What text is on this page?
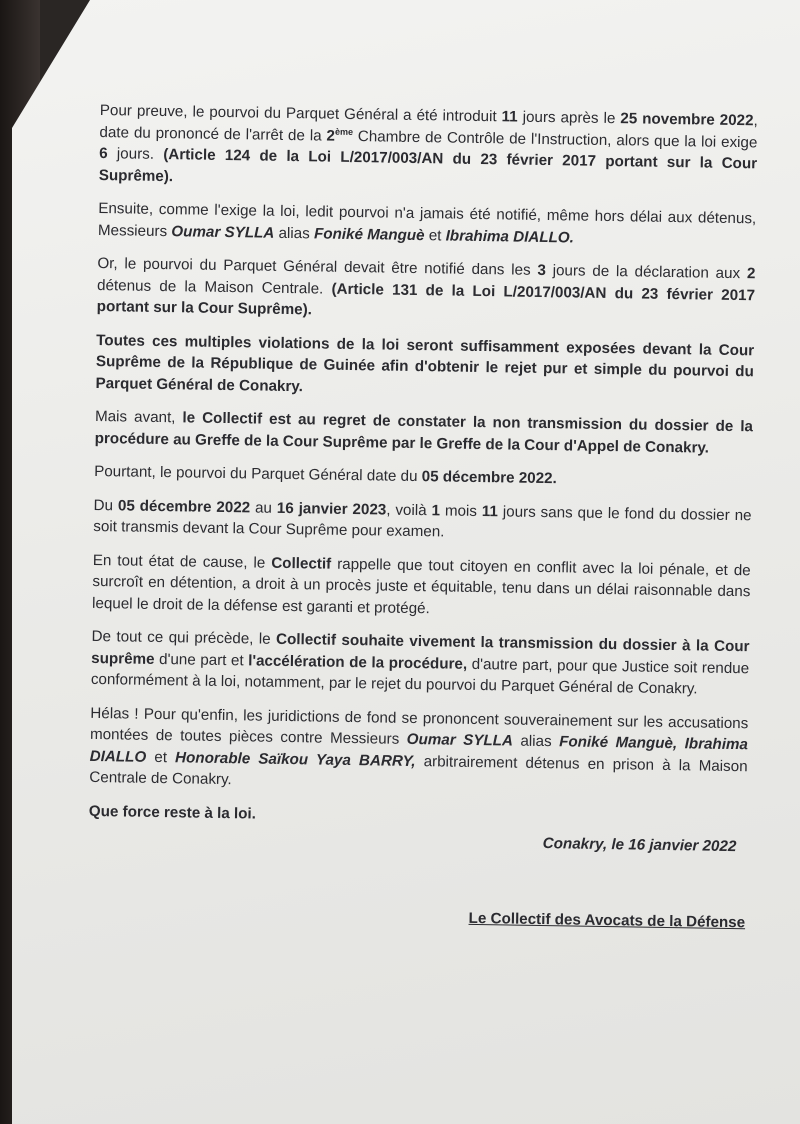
Pour preuve, le pourvoi du Parquet Général a été introduit 11 jours après le 25 novembre 2022, date du prononcé de l'arrêt de la 2ème Chambre de Contrôle de l'Instruction, alors que la loi exige 6 jours. (Article 124 de la Loi L/2017/003/AN du 23 février 2017 portant sur la Cour Suprême).

Ensuite, comme l'exige la loi, ledit pourvoi n'a jamais été notifié, même hors délai aux détenus, Messieurs Oumar SYLLA alias Foniké Manguè et Ibrahima DIALLO.

Or, le pourvoi du Parquet Général devait être notifié dans les 3 jours de la déclaration aux 2 détenus de la Maison Centrale. (Article 131 de la Loi L/2017/003/AN du 23 février 2017 portant sur la Cour Suprême).

Toutes ces multiples violations de la loi seront suffisamment exposées devant la Cour Suprême de la République de Guinée afin d'obtenir le rejet pur et simple du pourvoi du Parquet Général de Conakry.

Mais avant, le Collectif est au regret de constater la non transmission du dossier de la procédure au Greffe de la Cour Suprême par le Greffe de la Cour d'Appel de Conakry.

Pourtant, le pourvoi du Parquet Général date du 05 décembre 2022.

Du 05 décembre 2022 au 16 janvier 2023, voilà 1 mois 11 jours sans que le fond du dossier ne soit transmis devant la Cour Suprême pour examen.

En tout état de cause, le Collectif rappelle que tout citoyen en conflit avec la loi pénale, et de surcroît en détention, a droit à un procès juste et équitable, tenu dans un délai raisonnable dans lequel le droit de la défense est garanti et protégé.

De tout ce qui précède, le Collectif souhaite vivement la transmission du dossier à la Cour suprême d'une part et l'accélération de la procédure, d'autre part, pour que Justice soit rendue conformément à la loi, notamment, par le rejet du pourvoi du Parquet Général de Conakry.

Hélas ! Pour qu'enfin, les juridictions de fond se prononcent souverainement sur les accusations montées de toutes pièces contre Messieurs Oumar SYLLA alias Foniké Manguè, Ibrahima DIALLO et Honorable Saïkou Yaya BARRY, arbitrairement détenus en prison à la Maison Centrale de Conakry.

Que force reste à la loi.
Conakry, le 16 janvier 2022
Le Collectif des Avocats de la Défense
